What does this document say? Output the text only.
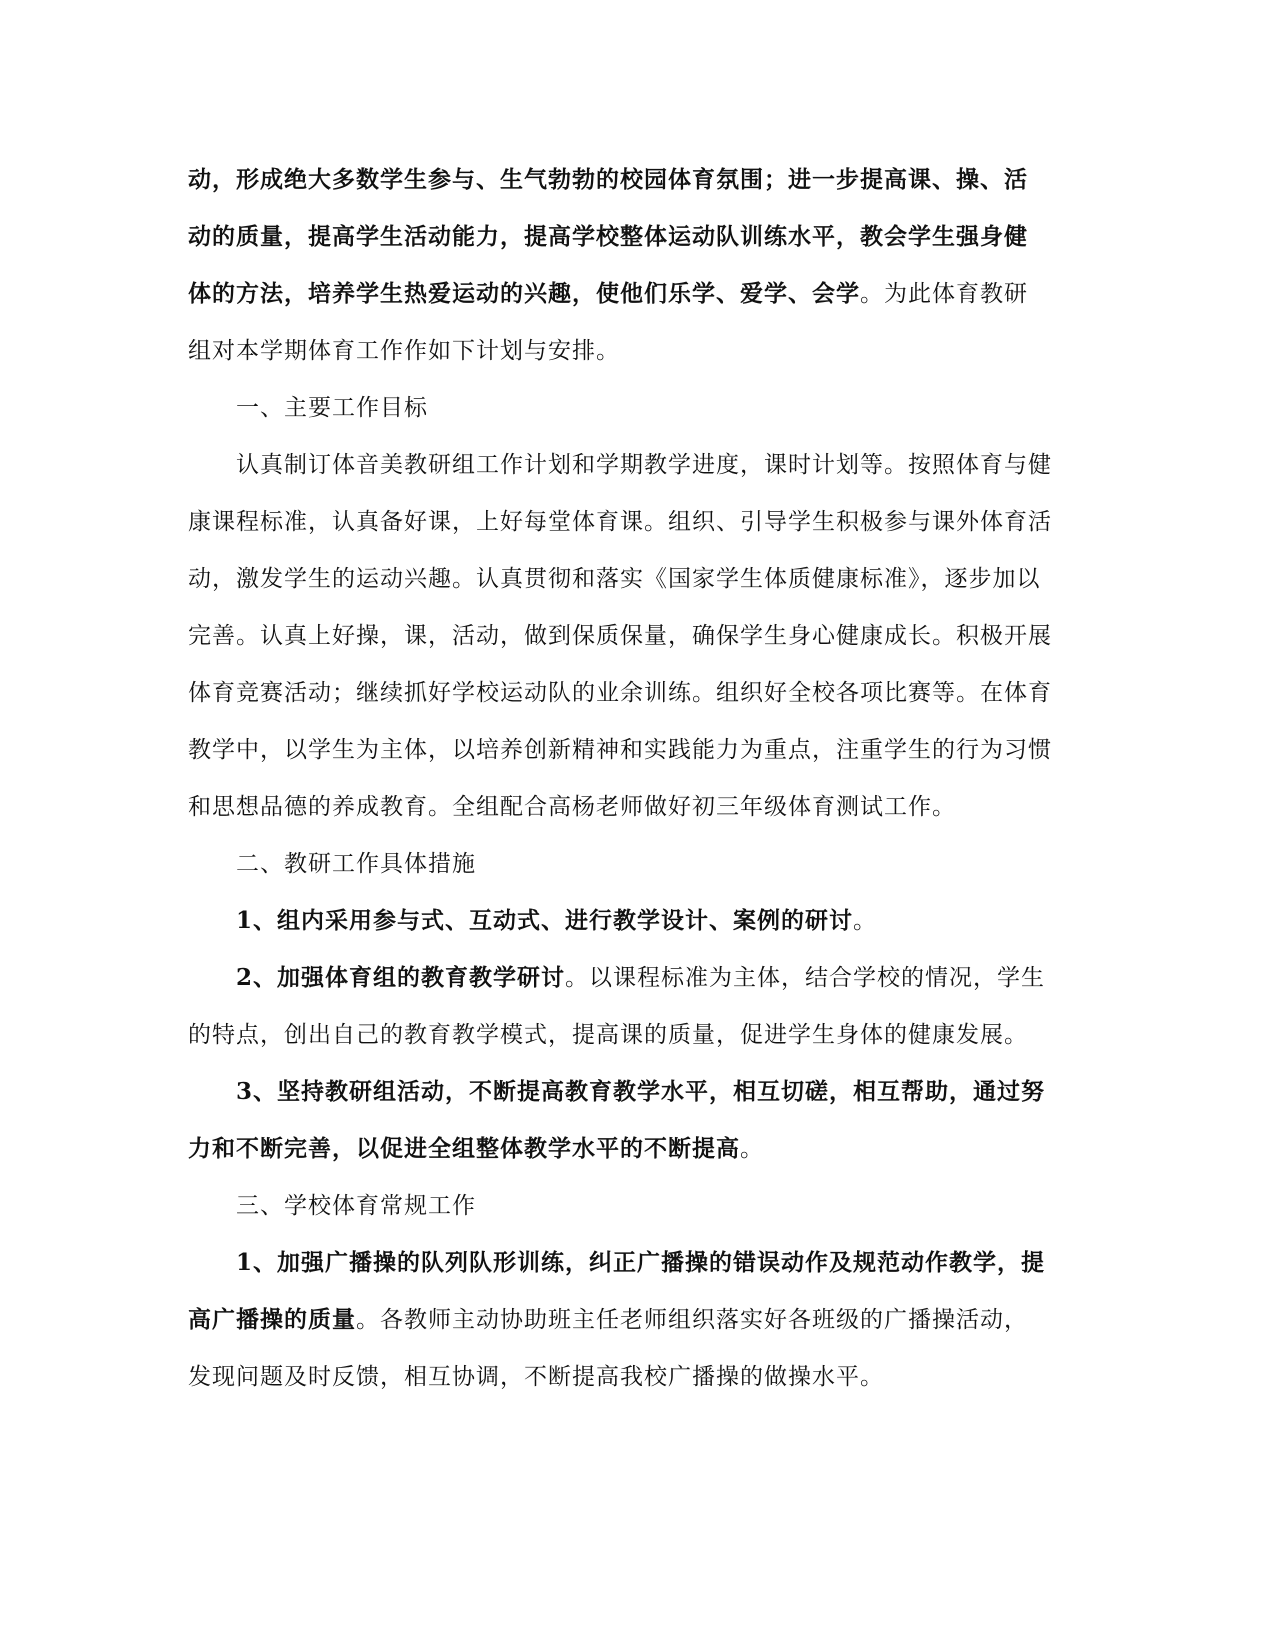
动，形成绝大多数学生参与、生气勃勃的校园体育氛围；进一步提高课、操、活
动的质量，提高学生活动能力，提高学校整体运动队训练水平，教会学生强身健
体的方法，培养学生热爱运动的兴趣，使他们乐学、爱学、会学。为此体育教研
组对本学期体育工作作如下计划与安排。
一、主要工作目标
认真制订体音美教研组工作计划和学期教学进度，课时计划等。按照体育与健
康课程标准，认真备好课，上好每堂体育课。组织、引导学生积极参与课外体育活
动，激发学生的运动兴趣。认真贯彻和落实《国家学生体质健康标准》，逐步加以
完善。认真上好操，课，活动，做到保质保量，确保学生身心健康成长。积极开展
体育竞赛活动；继续抓好学校运动队的业余训练。组织好全校各项比赛等。在体育
教学中，以学生为主体，以培养创新精神和实践能力为重点，注重学生的行为习惯
和思想品德的养成教育。全组配合高杨老师做好初三年级体育测试工作。
二、教研工作具体措施
1、组内采用参与式、互动式、进行教学设计、案例的研讨。
2、加强体育组的教育教学研讨。以课程标准为主体，结合学校的情况，学生
的特点，创出自己的教育教学模式，提高课的质量，促进学生身体的健康发展。
3、坚持教研组活动，不断提高教育教学水平，相互切磋，相互帮助，通过努
力和不断完善，以促进全组整体教学水平的不断提高。
三、学校体育常规工作
1、加强广播操的队列队形训练，纠正广播操的错误动作及规范动作教学，提
高广播操的质量。各教师主动协助班主任老师组织落实好各班级的广播操活动，
发现问题及时反馈，相互协调，不断提高我校广播操的做操水平。
